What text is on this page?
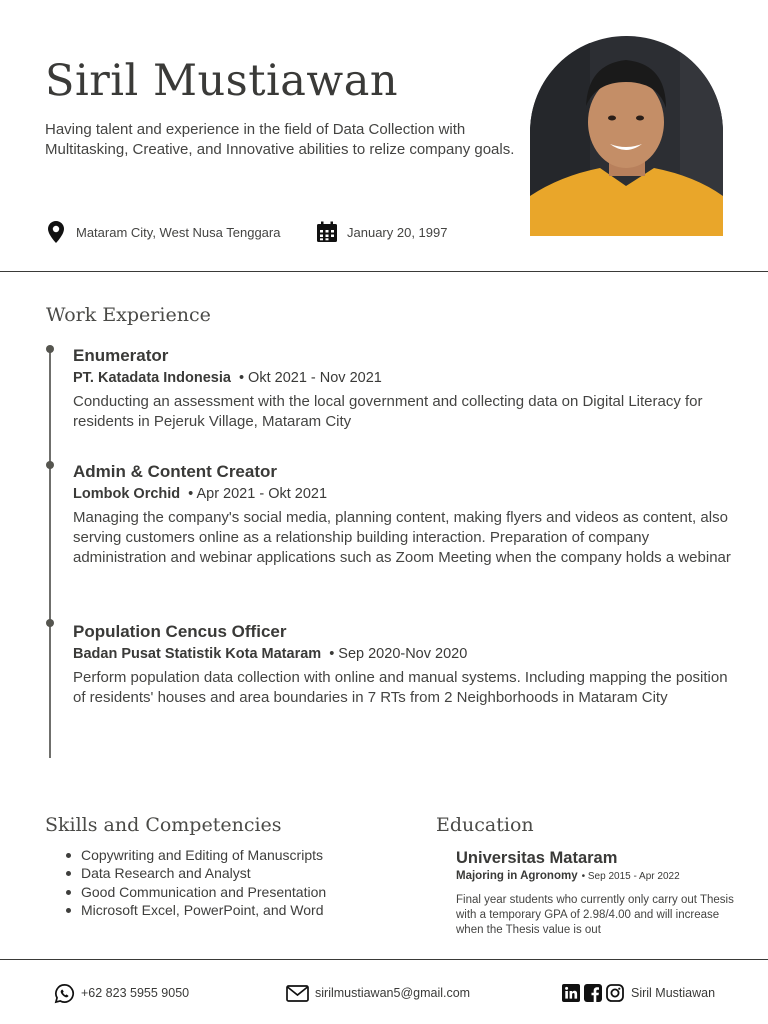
Siril Mustiawan

Having talent and experience in the field of Data Collection with Multitasking, Creative, and Innovative abilities to relize company goals.

Mataram City, West Nusa Tenggara	January 20, 1997
Work Experience
Enumerator
PT. Katadata Indonesia • Okt 2021 - Nov 2021

Conducting an assessment with the local government and collecting data on Digital Literacy for residents in Pejeruk Village, Mataram City

Admin & Content Creator
Lombok Orchid • Apr 2021 - Okt 2021

Managing the company's social media, planning content, making flyers and videos as content, also serving customers online as a relationship building interaction. Preparation of company administration and webinar applications such as Zoom Meeting when the company holds a webinar

Population Cencus Officer
Badan Pusat Statistik Kota Mataram • Sep 2020-Nov 2020

Perform population data collection with online and manual systems. Including mapping the position of residents' houses and area boundaries in 7 RTs from 2 Neighborhoods in Mataram City

Skills and Competencies
Copywriting and Editing of Manuscripts
Data Research and Analyst
Good Communication and Presentation
Microsoft Excel, PowerPoint, and Word
Education
Universitas Mataram
Majoring in Agronomy • Sep 2015 - Apr 2022

Final year students who currently only carry out Thesis with a temporary GPA of 2.98/4.00 and will increase when the Thesis value is out

+62 823 5955 9050	sirilmustiawan5@gmail.com	Siril Mustiawan
